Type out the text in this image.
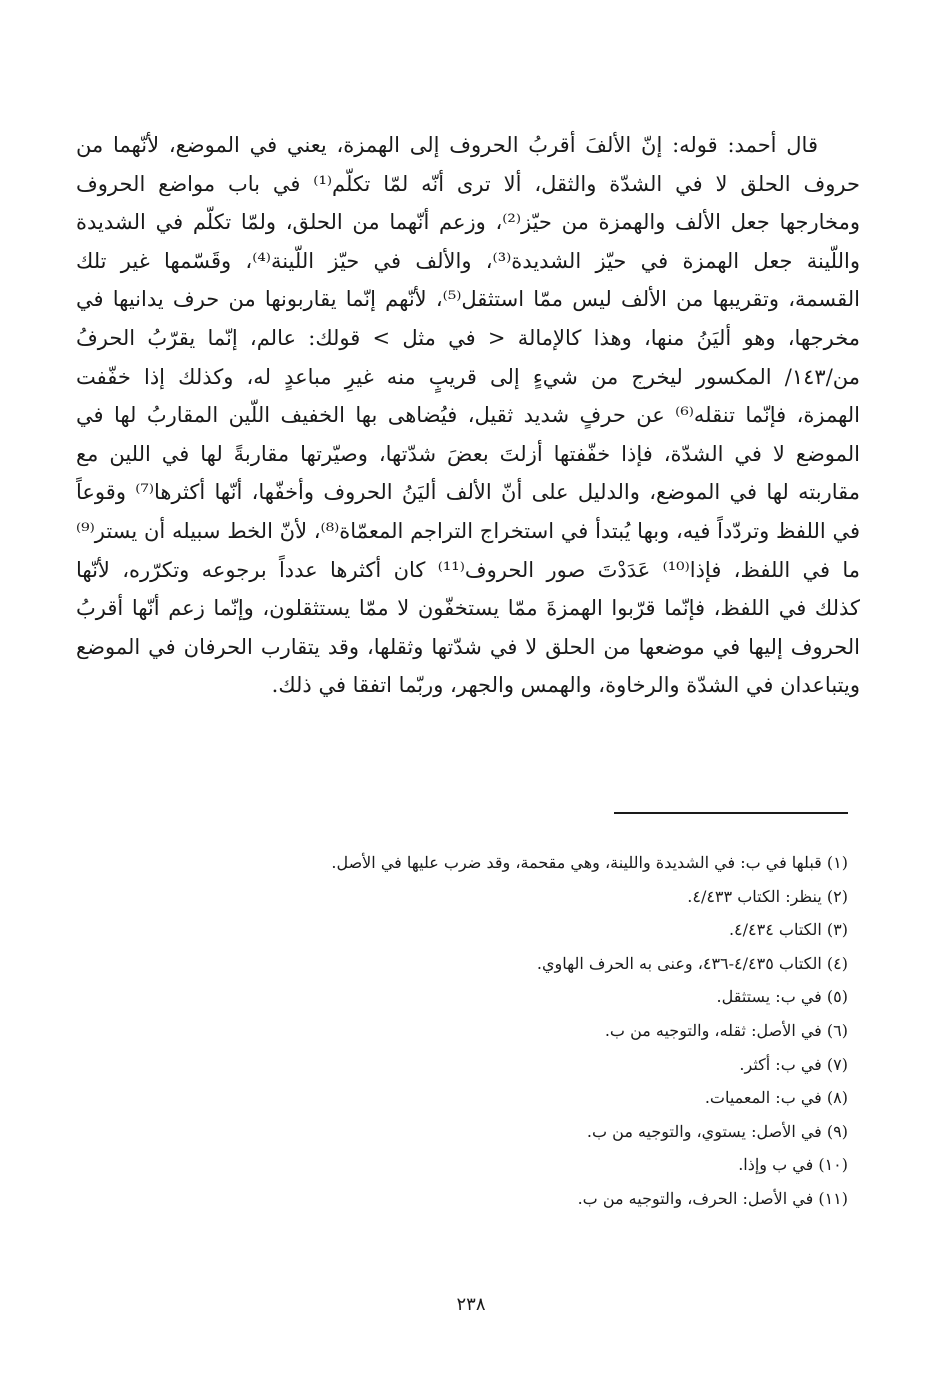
قال أحمد: قوله: إنّ الألفَ أقربُ الحروف إلى الهمزة، يعني في الموضع، لأنّهما من
حروف الحلق لا في الشدّة والثقل، ألا ترى أنّه لمّا تكلّم⁽¹⁾ في باب مواضع الحروف
ومخارجها جعل الألف والهمزة من حيّز⁽²⁾، وزعم أنّهما من الحلق، ولمّا تكلّم في الشديدة
واللّينة جعل الهمزة في حيّز الشديدة⁽³⁾، والألف في حيّز اللّينة⁽⁴⁾، وقَسّمها غير تلك
القسمة، وتقريبها من الألف ليس ممّا استثقل⁽⁵⁾، لأنّهم إنّما يقاربونها من حرف يدانيها في
مخرجها، وهو أليَنُ منها، وهذا كالإمالة < في مثل > قولك: عالم، إنّما يقرّبُ الحرفُ
من/١٤٣/ المكسور ليخرج من شيءٍ إلى قريبٍ منه غيرِ مباعدٍ له، وكذلك إذا خفّفت
الهمزة، فإنّما تنقله⁽⁶⁾ عن حرفٍ شديد ثقيل، فيُضاهى بها الخفيف اللّين المقاربُ لها في
الموضع لا في الشدّة، فإذا خفّفتها أزلتَ بعضَ شدّتها، وصيّرتها مقاربةً لها في اللين مع
مقاربته لها في الموضع، والدليل على أنّ الألف أليَنُ الحروف وأخفّها، أنّها أكثرها⁽⁷⁾ وقوعاً
في اللفظ وتردّداً فيه، وبها يُبتدأ في استخراج التراجم المعمّاة⁽⁸⁾، لأنّ الخط سبيله أن يستر⁽⁹⁾
ما في اللفظ، فإذا⁽¹⁰⁾ عَدَدْتَ صور الحروف⁽¹¹⁾ كان أكثرها عدداً برجوعه وتكرّره، لأنّها
كذلك في اللفظ، فإنّما قرّبوا الهمزةَ ممّا يستخفّون لا ممّا يستثقلون، وإنّما زعم أنّها أقربُ
الحروف إليها في موضعها من الحلق لا في شدّتها وثقلها، وقد يتقارب الحرفان في الموضع
ويتباعدان في الشدّة والرخاوة، والهمس والجهر، وربّما اتفقا في ذلك.
(١) قبلها في ب: في الشديدة واللينة، وهي مقحمة، وقد ضرب عليها في الأصل.
(٢) ينظر: الكتاب ٤/٤٣٣.
(٣) الكتاب ٤/٤٣٤.
(٤) الكتاب ٤/٤٣٥-٤٣٦، وعنى به الحرف الهاوي.
(٥) في ب: يستثقل.
(٦) في الأصل: ثقله، والتوجيه من ب.
(٧) في ب: أكثر.
(٨) في ب: المعميات.
(٩) في الأصل: يستوي، والتوجيه من ب.
(١٠) في ب وإذا.
(١١) في الأصل: الحرف، والتوجيه من ب.
٢٣٨
